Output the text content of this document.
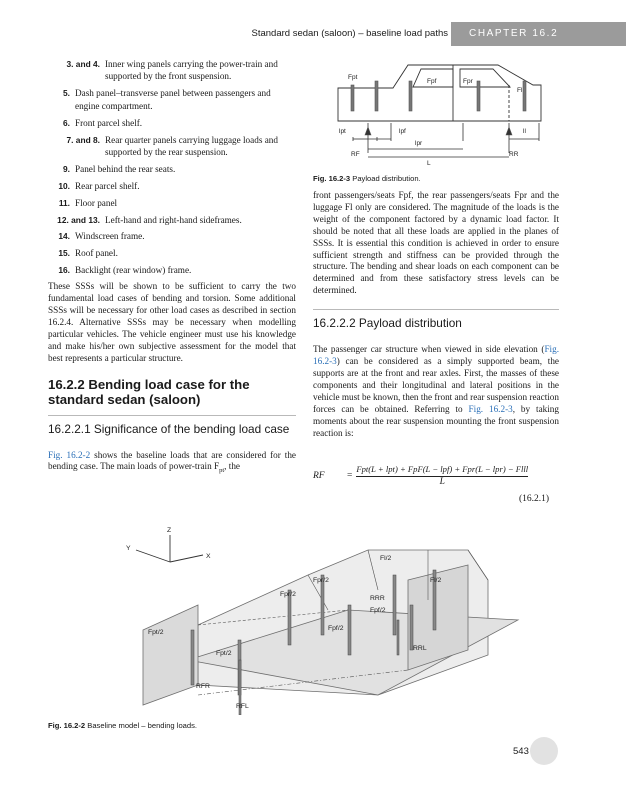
Standard sedan (saloon) – baseline load paths	CHAPTER 16.2
Fpt
Fpf	Fpr
Fl
lpt	lpf
lpr
ll
RF
L
RR
Fig. 16.2-3 Payload distribution.
3. and 4. Inner wing panels carrying the power-train and supported by the front suspension.
5. Dash panel–transverse panel between passengers and engine compartment.
6. Front parcel shelf.
7. and 8. Rear quarter panels carrying luggage loads and supported by the rear suspension.
9. Panel behind the rear seats.
10. Rear parcel shelf.
11. Floor panel
12. and 13. Left-hand and right-hand sideframes.
14. Windscreen frame.
15. Roof panel.
16. Backlight (rear window) frame.

These SSSs will be shown to be sufficient to carry the two fundamental load cases of bending and torsion. Some additional SSSs will be necessary for other load cases as described in section 16.2.4. Alternative SSSs may be necessary when modelling particular vehicles. The vehicle engineer must use his knowledge and make his/her own subjective assessment for the model that best represents a particular structure.

16.2.2 Bending load case for the standard sedan (saloon)
16.2.2.1 Significance of the bending load case

Fig. 16.2-2 shows the baseline loads that are considered for the bending case. The main loads of power-train $F_{pt}$, the

front passengers/seats Fpf, the rear passengers/seats Fpr and the luggage Fl only are considered. The magnitude of the loads is the weight of the component factored by a dynamic load factor. It should be noted that all these loads are applied in the planes of SSSs. It is essential this condition is achieved in order to ensure sufficient strength and stiffness can be provided through the structure. The bending and shear loads on each component can be determined and from these satisfactory stress levels can be determined.

16.2.2.2 Payload distribution

The passenger car structure when viewed in side elevation (Fig. 16.2-3) can be considered as a simply supported beam, the supports are at the front and rear axles. First, the masses of these components and their longitudinal and lateral positions in the vehicle must be known, then the front and rear suspension reaction forces can be obtained. Referring to Fig. 16.2-3, by taking moments about the rear suspension mounting the front suspension reaction is:

RF	=
Fpt(L + lpt) + FpF(L − lpf) + Fpr(L − lpr) − Flll
L
(16.2.1)
Z
Y
X	Fl/2
Fl/2
Fpr/2
Fpr/2
Fpf/2
Fpf/2
Fpt/2
Fpt/2
RRR
RRL
RFR
RFL
Fig. 16.2-2 Baseline model – bending loads.
543
